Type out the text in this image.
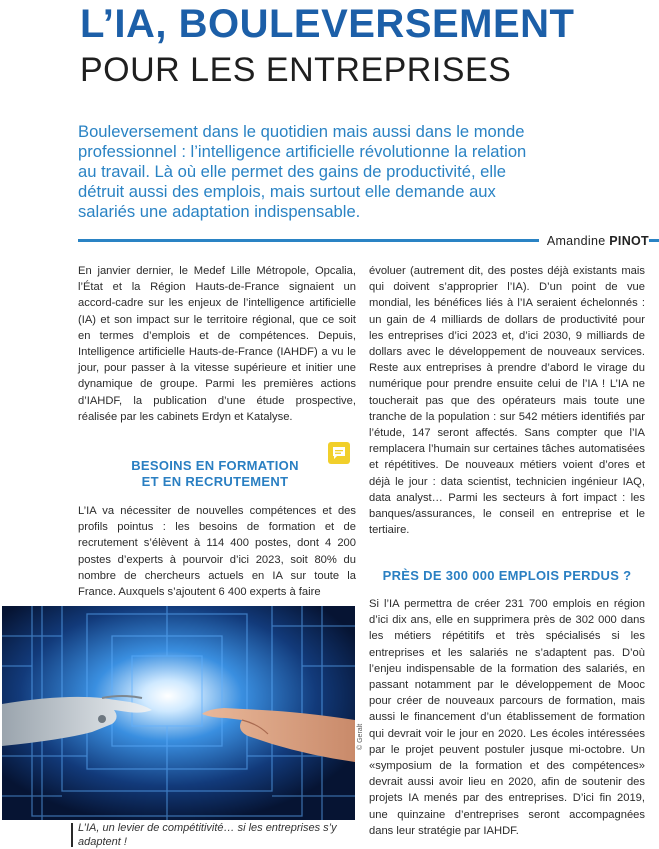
L’IA, BOULEVERSEMENT
POUR LES ENTREPRISES
Bouleversement dans le quotidien mais aussi dans le monde
professionnel : l’intelligence artificielle révolutionne la relation
au travail. Là où elle permet des gains de productivité, elle
détruit aussi des emplois, mais surtout elle demande aux
salariés une adaptation indispensable.
Amandine PINOT

En janvier dernier, le Medef Lille Métropole, Opcalia, l’État et la Région Hauts-de-France signaient un accord-cadre sur les enjeux de l’intelligence artificielle (IA) et son impact sur le territoire régional, que ce soit en termes d’emplois et de compétences. Depuis, Intelligence artificielle Hauts-de-France (IAHDF) a vu le jour, pour passer à la vitesse supérieure et initier une dynamique de groupe. Parmi les premières actions d’IAHDF, la publication d’une étude prospective, réalisée par les cabinets Erdyn et Katalyse.

BESOINS EN FORMATION
ET EN RECRUTEMENT

L’IA va nécessiter de nouvelles compétences et des profils pointus : les besoins de formation et de recrutement s’élèvent à 114 400 postes, dont 4 200 postes d’experts à pourvoir d’ici 2023, soit 80% du nombre de chercheurs actuels en IA sur toute la France. Auxquels s’ajoutent 6 400 experts à faire

évoluer (autrement dit, des postes déjà existants mais qui doivent s’approprier l’IA). D’un point de vue mondial, les bénéfices liés à l’IA seraient échelonnés : un gain de 4 milliards de dollars de productivité pour les entreprises d’ici 2023 et, d’ici 2030, 9 milliards de dollars avec le développement de nouveaux services. Reste aux entreprises à prendre d’abord le virage du numérique pour prendre ensuite celui de l’IA ! L’IA ne toucherait pas que des opérateurs mais toute une tranche de la population : sur 542 métiers identifiés par l’étude, 147 seront affectés. Sans compter que l’IA remplacera l’humain sur certaines tâches automatisées et répétitives. De nouveaux métiers voient d’ores et déjà le jour : data scientist, technicien ingénieur IAQ, data analyst… Parmi les secteurs à fort impact : les banques/assurances, le conseil en entreprise et le tertiaire.

PRÈS DE 300 000 EMPLOIS PERDUS ?

Si l’IA permettra de créer 231 700 emplois en région d’ici dix ans, elle en supprimera près de 302 000 dans les métiers répétitifs et très spécialisés si les entreprises et les salariés ne s’adaptent pas. D’où l’enjeu indispensable de la formation des salariés, en passant notamment par le développement de Mooc pour créer de nouveaux parcours de formation, mais aussi le financement d’un établissement de formation qui devrait voir le jour en 2020. Les écoles intéressées par le projet peuvent postuler jusque mi-octobre. Un «symposium de la formation et des compétences» devrait aussi avoir lieu en 2020, afin de soutenir des projets IA menés par des entreprises. D’ici fin 2019, une quinzaine d’entreprises seront accompagnées dans leur stratégie par IAHDF.

© Geralt
L’IA, un levier de compétitivité… si les entreprises s’y adaptent !
